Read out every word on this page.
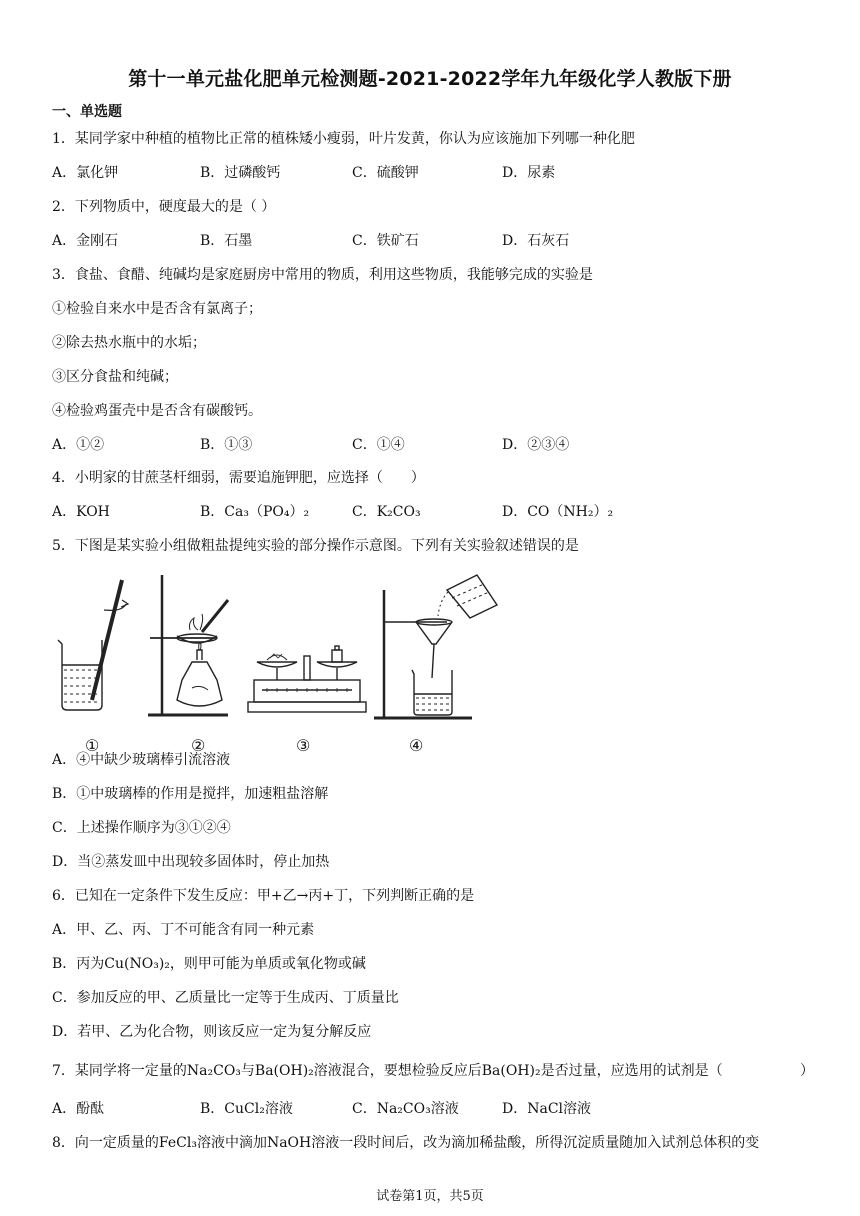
第十一单元盐化肥单元检测题-2021-2022学年九年级化学人教版下册
一、单选题
1．某同学家中种植的植物比正常的植株矮小瘦弱，叶片发黄，你认为应该施加下列哪一种化肥
A．氯化钾	B．过磷酸钙	C．硫酸钾	D．尿素
2．下列物质中，硬度最大的是（ ）
A．金刚石	B．石墨	C．铁矿石	D．石灰石
3．食盐、食醋、纯碱均是家庭厨房中常用的物质，利用这些物质，我能够完成的实验是
①检验自来水中是否含有氯离子；
②除去热水瓶中的水垢；
③区分食盐和纯碱；
④检验鸡蛋壳中是否含有碳酸钙。
A．①②	B．①③	C．①④	D．②③④
4．小明家的甘蔗茎杆细弱，需要追施钾肥，应选择（　　）
A．KOH	B．Ca₃（PO₄）₂	C．K₂CO₃	D．CO（NH₂）₂
5．下图是某实验小组做粗盐提纯实验的部分操作示意图。下列有关实验叙述错误的是
①	②	③	④
A．④中缺少玻璃棒引流溶液
B．①中玻璃棒的作用是搅拌，加速粗盐溶解
C．上述操作顺序为③①②④
D．当②蒸发皿中出现较多固体时，停止加热
6．已知在一定条件下发生反应：甲+乙→丙+丁，下列判断正确的是
A．甲、乙、丙、丁不可能含有同一种元素
B．丙为Cu(NO₃)₂，则甲可能为单质或氧化物或碱
C．参加反应的甲、乙质量比一定等于生成丙、丁质量比
D．若甲、乙为化合物，则该反应一定为复分解反应
7．某同学将一定量的Na₂CO₃与Ba(OH)₂溶液混合，要想检验反应后Ba(OH)₂是否过量，应选用的试剂是（	）
A．酚酞	B．CuCl₂溶液	C．Na₂CO₃溶液	D．NaCl溶液
8．向一定质量的FeCl₃溶液中滴加NaOH溶液一段时间后，改为滴加稀盐酸，所得沉淀质量随加入试剂总体积的变
试卷第1页，共5页
